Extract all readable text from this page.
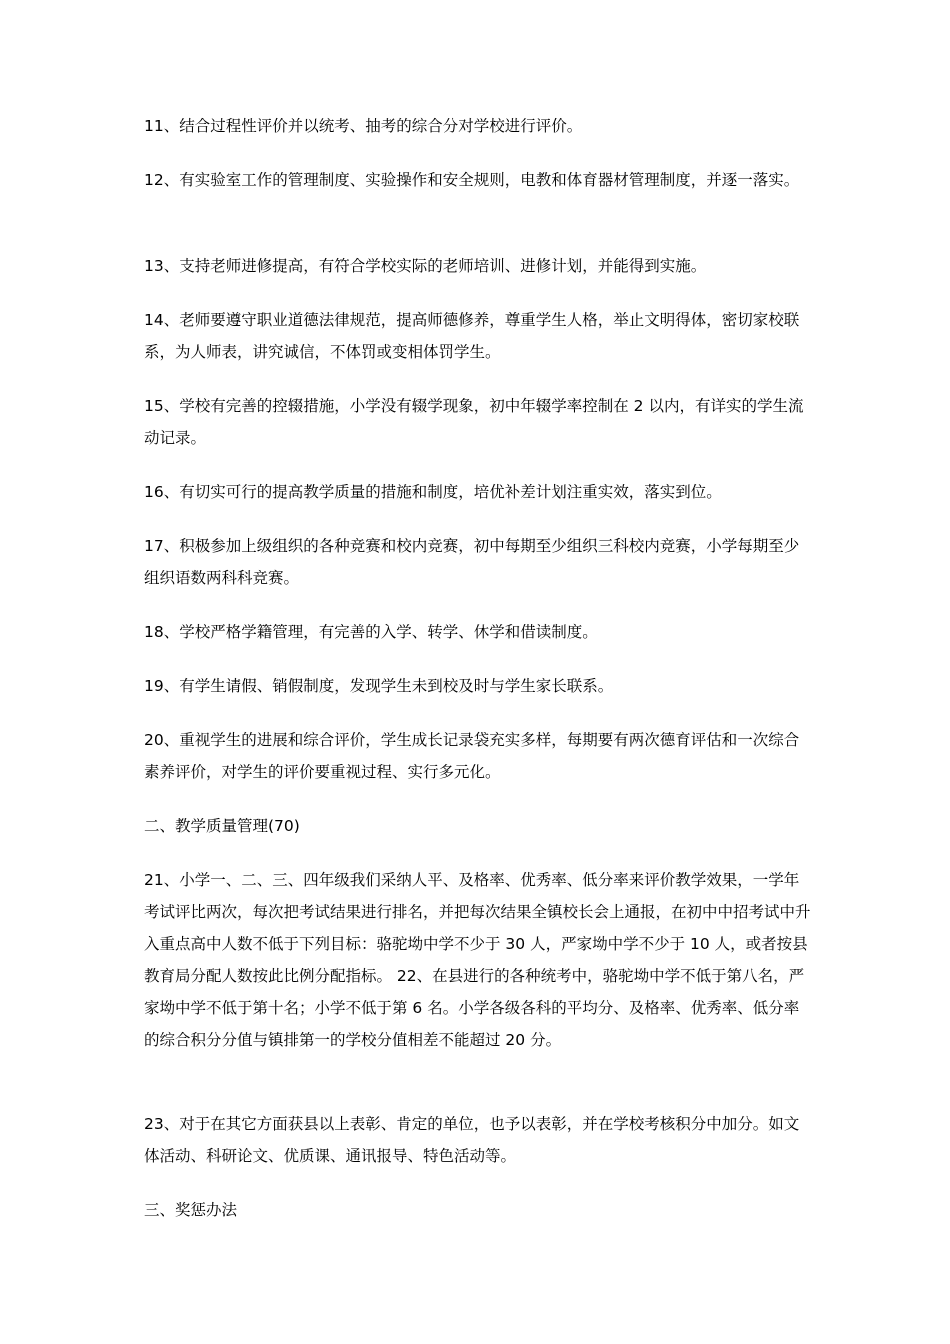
11、结合过程性评价并以统考、抽考的综合分对学校进行评价。

12、有实验室工作的管理制度、实验操作和安全规则，电教和体育器材管理制度，并逐一落实。

13、支持老师进修提高，有符合学校实际的老师培训、进修计划，并能得到实施。

14、老师要遵守职业道德法律规范，提高师德修养，尊重学生人格，举止文明得体，密切家校联系，为人师表，讲究诚信，不体罚或变相体罚学生。

15、学校有完善的控辍措施，小学没有辍学现象，初中年辍学率控制在 2 以内，有详实的学生流动记录。

16、有切实可行的提高教学质量的措施和制度，培优补差计划注重实效，落实到位。

17、积极参加上级组织的各种竞赛和校内竞赛，初中每期至少组织三科校内竞赛，小学每期至少组织语数两科科竞赛。

18、学校严格学籍管理，有完善的入学、转学、休学和借读制度。

19、有学生请假、销假制度，发现学生未到校及时与学生家长联系。

20、重视学生的进展和综合评价，学生成长记录袋充实多样，每期要有两次德育评估和一次综合素养评价，对学生的评价要重视过程、实行多元化。

二、教学质量管理(70)

21、小学一、二、三、四年级我们采纳人平、及格率、优秀率、低分率来评价教学效果，一学年考试评比两次，每次把考试结果进行排名，并把每次结果全镇校长会上通报，在初中中招考试中升入重点高中人数不低于下列目标：骆驼坳中学不少于 30 人，严家坳中学不少于 10 人，或者按县教育局分配人数按此比例分配指标。 22、在县进行的各种统考中，骆驼坳中学不低于第八名，严家坳中学不低于第十名；小学不低于第 6 名。小学各级各科的平均分、及格率、优秀率、低分率的综合积分分值与镇排第一的学校分值相差不能超过 20 分。

23、对于在其它方面获县以上表彰、肯定的单位，也予以表彰，并在学校考核积分中加分。如文体活动、科研论文、优质课、通讯报导、特色活动等。

三、奖惩办法
